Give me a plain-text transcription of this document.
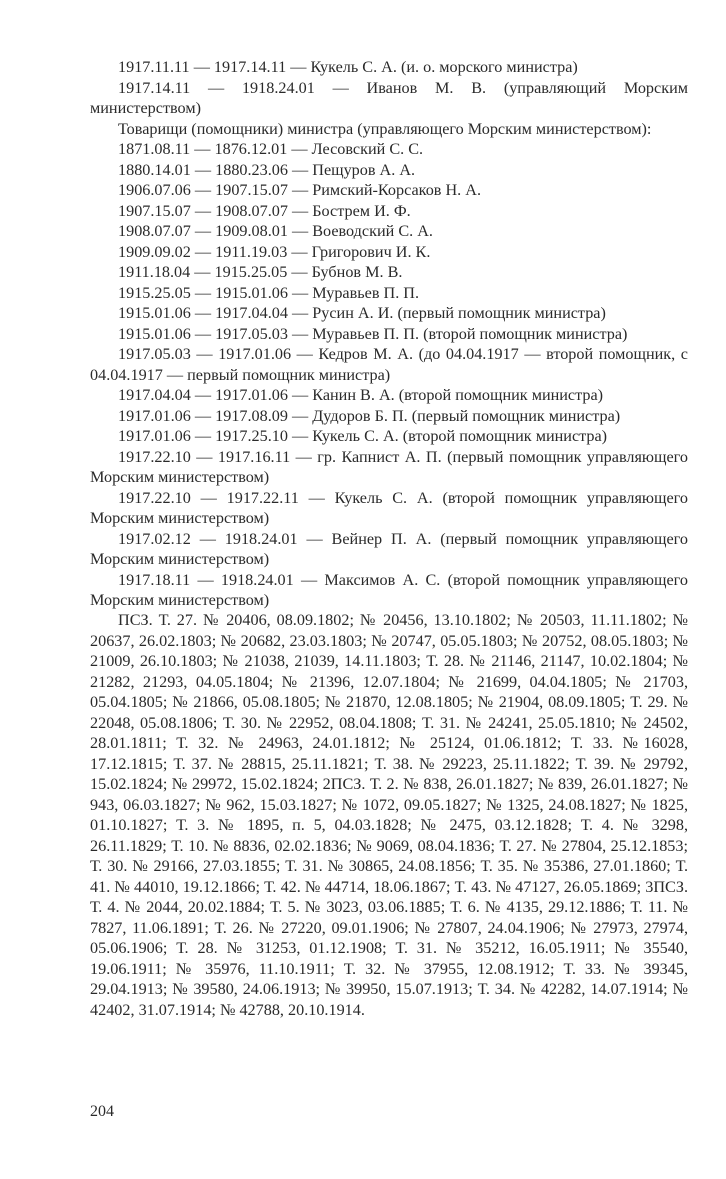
1917.11.11 — 1917.14.11 — Кукель С. А. (и. о. морского министра)

1917.14.11 — 1918.24.01 — Иванов М. В. (управляющий Морским министерством)

Товарищи (помощники) министра (управляющего Морским министерством):

1871.08.11 — 1876.12.01 — Лесовский С. С.

1880.14.01 — 1880.23.06 — Пещуров А. А.

1906.07.06 — 1907.15.07 — Римский-Корсаков Н. А.

1907.15.07 — 1908.07.07 — Бострем И. Ф.

1908.07.07 — 1909.08.01 — Воеводский С. А.

1909.09.02 — 1911.19.03 — Григорович И. К.

1911.18.04 — 1915.25.05 — Бубнов М. В.

1915.25.05 — 1915.01.06 — Муравьев П. П.

1915.01.06 — 1917.04.04 — Русин А. И. (первый помощник министра)

1915.01.06 — 1917.05.03 — Муравьев П. П. (второй помощник министра)

1917.05.03 — 1917.01.06 — Кедров М. А. (до 04.04.1917 — второй помощник, с 04.04.1917 — первый помощник министра)

1917.04.04 — 1917.01.06 — Канин В. А. (второй помощник министра)

1917.01.06 — 1917.08.09 — Дудоров Б. П. (первый помощник министра)

1917.01.06 — 1917.25.10 — Кукель С. А. (второй помощник министра)

1917.22.10 — 1917.16.11 — гр. Капнист А. П. (первый помощник управляющего Морским министерством)

1917.22.10 — 1917.22.11 — Кукель С. А. (второй помощник управляющего Морским министерством)

1917.02.12 — 1918.24.01 — Вейнер П. А. (первый помощник управляющего Морским министерством)

1917.18.11 — 1918.24.01 — Максимов А. С. (второй помощник управляющего Морским министерством)

ПСЗ. Т. 27. № 20406, 08.09.1802; № 20456, 13.10.1802; № 20503, 11.11.1802; № 20637, 26.02.1803; № 20682, 23.03.1803; № 20747, 05.05.1803; № 20752, 08.05.1803; № 21009, 26.10.1803; № 21038, 21039, 14.11.1803; Т. 28. № 21146, 21147, 10.02.1804; № 21282, 21293, 04.05.1804; № 21396, 12.07.1804; № 21699, 04.04.1805; № 21703, 05.04.1805; № 21866, 05.08.1805; № 21870, 12.08.1805; № 21904, 08.09.1805; Т. 29. № 22048, 05.08.1806; Т. 30. № 22952, 08.04.1808; Т. 31. № 24241, 25.05.1810; № 24502, 28.01.1811; Т. 32. № 24963, 24.01.1812; № 25124, 01.06.1812; Т. 33. №16028, 17.12.1815; Т. 37. № 28815, 25.11.1821; Т. 38. № 29223, 25.11.1822; Т. 39. № 29792, 15.02.1824; № 29972, 15.02.1824; 2ПСЗ. Т. 2. № 838, 26.01.1827; № 839, 26.01.1827; № 943, 06.03.1827; № 962, 15.03.1827; № 1072, 09.05.1827; № 1325, 24.08.1827; № 1825, 01.10.1827; Т. 3. № 1895, п. 5, 04.03.1828; № 2475, 03.12.1828; Т. 4. № 3298, 26.11.1829; Т. 10. № 8836, 02.02.1836; № 9069, 08.04.1836; Т. 27. № 27804, 25.12.1853; Т. 30. № 29166, 27.03.1855; Т. 31. № 30865, 24.08.1856; Т. 35. № 35386, 27.01.1860; Т. 41. № 44010, 19.12.1866; Т. 42. № 44714, 18.06.1867; Т. 43. № 47127, 26.05.1869; 3ПСЗ. Т. 4. № 2044, 20.02.1884; Т. 5. № 3023, 03.06.1885; Т. 6. № 4135, 29.12.1886; Т. 11. № 7827, 11.06.1891; Т. 26. № 27220, 09.01.1906; № 27807, 24.04.1906; № 27973, 27974, 05.06.1906; Т. 28. № 31253, 01.12.1908; Т. 31. № 35212, 16.05.1911; № 35540, 19.06.1911; № 35976, 11.10.1911; Т. 32. № 37955, 12.08.1912; Т. 33. № 39345, 29.04.1913; № 39580, 24.06.1913; № 39950, 15.07.1913; Т. 34. № 42282, 14.07.1914; № 42402, 31.07.1914; № 42788, 20.10.1914.
204
